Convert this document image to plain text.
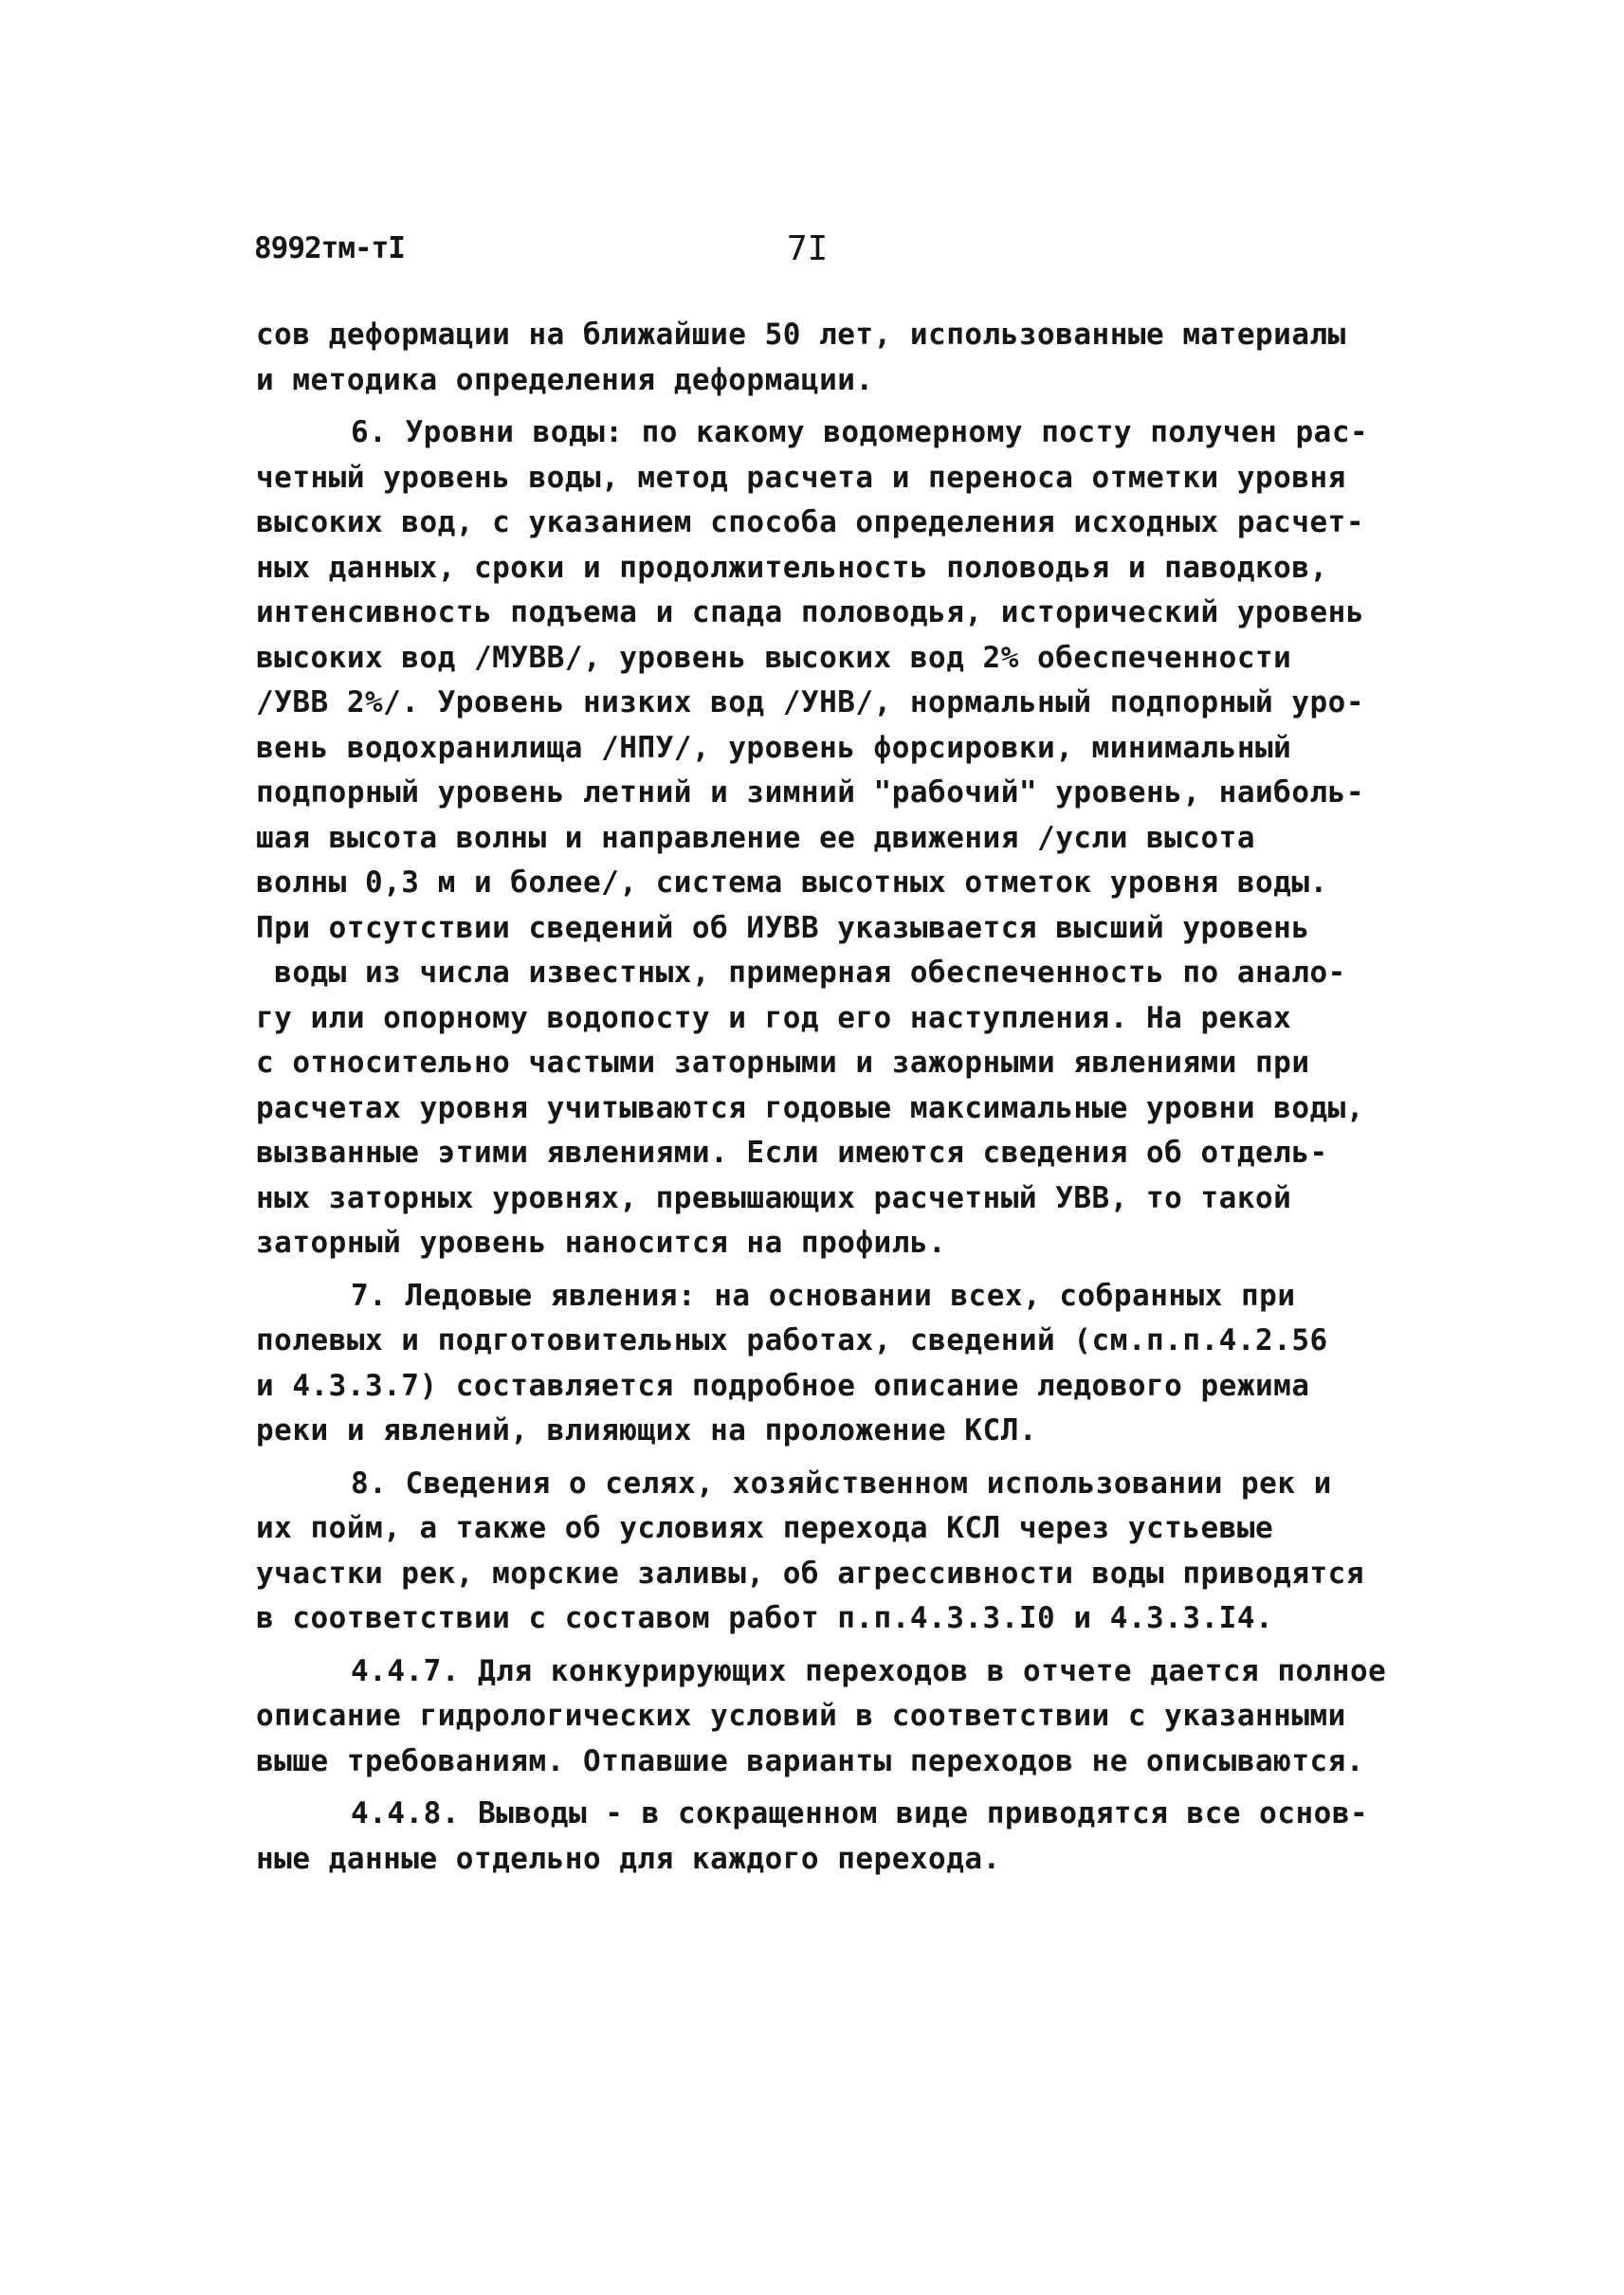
8992тм-тI	7I
сов деформации на ближайшие 50 лет, использованные материалы
и методика определения деформации.
6. Уровни воды: по какому водомерному посту получен рас-
четный уровень воды, метод расчета и переноса отметки уровня
высоких вод, с указанием способа определения исходных расчет-
ных данных, сроки и продолжительность половодья и паводков,
интенсивность подъема и спада половодья, исторический уровень
высоких вод /МУВВ/, уровень высоких вод 2% обеспеченности
/УВВ 2%/. Уровень низких вод /УНВ/, нормальный подпорный уро-
вень водохранилища /НПУ/, уровень форсировки, минимальный
подпорный уровень летний и зимний "рабочий" уровень, наиболь-
шая высота волны и направление ее движения /усли высота
волны 0,3 м и более/, система высотных отметок уровня воды.
При отсутствии сведений об ИУВВ указывается высший уровень
воды из числа известных, примерная обеспеченность по анало-
гу или опорному водопосту и год его наступления. На реках
с относительно частыми заторными и зажорными явлениями при
расчетах уровня учитываются годовые максимальные уровни воды,
вызванные этими явлениями. Если имеются сведения об отдель-
ных заторных уровнях, превышающих расчетный УВВ, то такой
заторный уровень наносится на профиль.
7. Ледовые явления: на основании всех, собранных при
полевых и подготовительных работах, сведений (см.п.п.4.2.56
и 4.3.3.7) составляется подробное описание ледового режима
реки и явлений, влияющих на проложение КСЛ.
8. Сведения о селях, хозяйственном использовании рек и
их пойм, а также об условиях перехода КСЛ через устьевые
участки рек, морские заливы, об агрессивности воды приводятся
в соответствии с составом работ п.п.4.3.3.I0 и 4.3.3.I4.
4.4.7. Для конкурирующих переходов в отчете дается полное
описание гидрологических условий в соответствии с указанными
выше требованиям. Отпавшие варианты переходов не описываются.
4.4.8. Выводы - в сокращенном виде приводятся все основ-
ные данные отдельно для каждого перехода.
